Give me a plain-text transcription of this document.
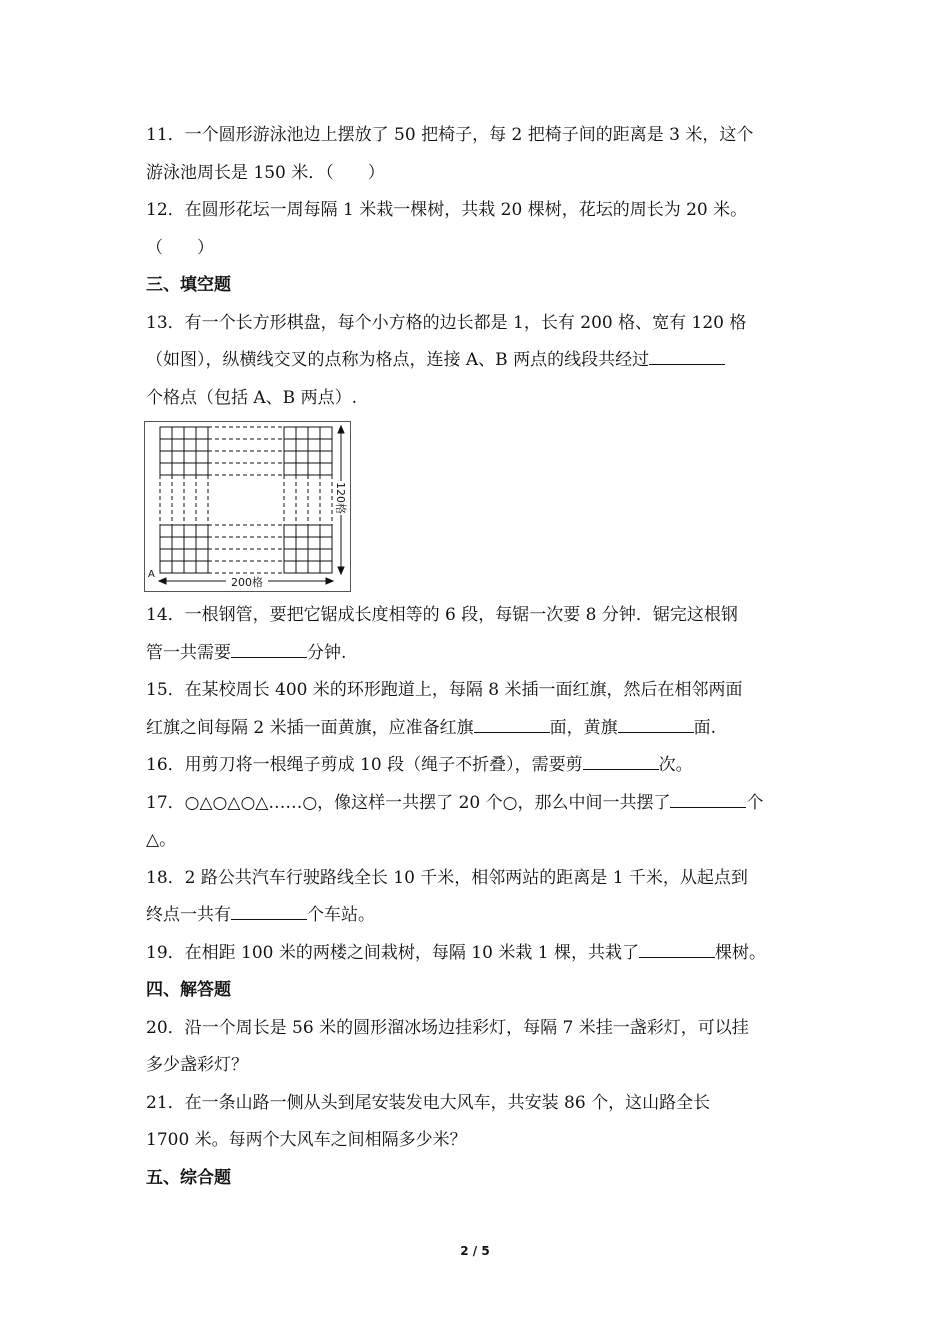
11．一个圆形游泳池边上摆放了 50 把椅子，每 2 把椅子间的距离是 3 米，这个
游泳池周长是 150 米．（　　）
12．在圆形花坛一周每隔 1 米栽一棵树，共栽 20 棵树，花坛的周长为 20 米。
（　　）
三、填空题
13．有一个长方形棋盘，每个小方格的边长都是 1，长有 200 格、宽有 120 格
（如图），纵横线交叉的点称为格点，连接 A、B 两点的线段共经过
个格点（包括 A、B 两点）.
120格
200格
A
14．一根钢管，要把它锯成长度相等的 6 段，每锯一次要 8 分钟．锯完这根钢
管一共需要	分钟.
15．在某校周长 400 米的环形跑道上，每隔 8 米插一面红旗，然后在相邻两面
红旗之间每隔 2 米插一面黄旗，应准备红旗	面，黄旗	面.
16．用剪刀将一根绳子剪成 10 段（绳子不折叠），需要剪	次。
17．○△○△○△……○，像这样一共摆了 20 个○，那么中间一共摆了	个
△。
18．2 路公共汽车行驶路线全长 10 千米，相邻两站的距离是 1 千米，从起点到
终点一共有	个车站。
19．在相距 100 米的两楼之间栽树，每隔 10 米栽 1 棵，共栽了	棵树。
四、解答题
20．沿一个周长是 56 米的圆形溜冰场边挂彩灯，每隔 7 米挂一盏彩灯，可以挂
多少盏彩灯？
21．在一条山路一侧从头到尾安装发电大风车，共安装 86 个，这山路全长
1700 米。每两个大风车之间相隔多少米？
五、综合题
2 / 5
